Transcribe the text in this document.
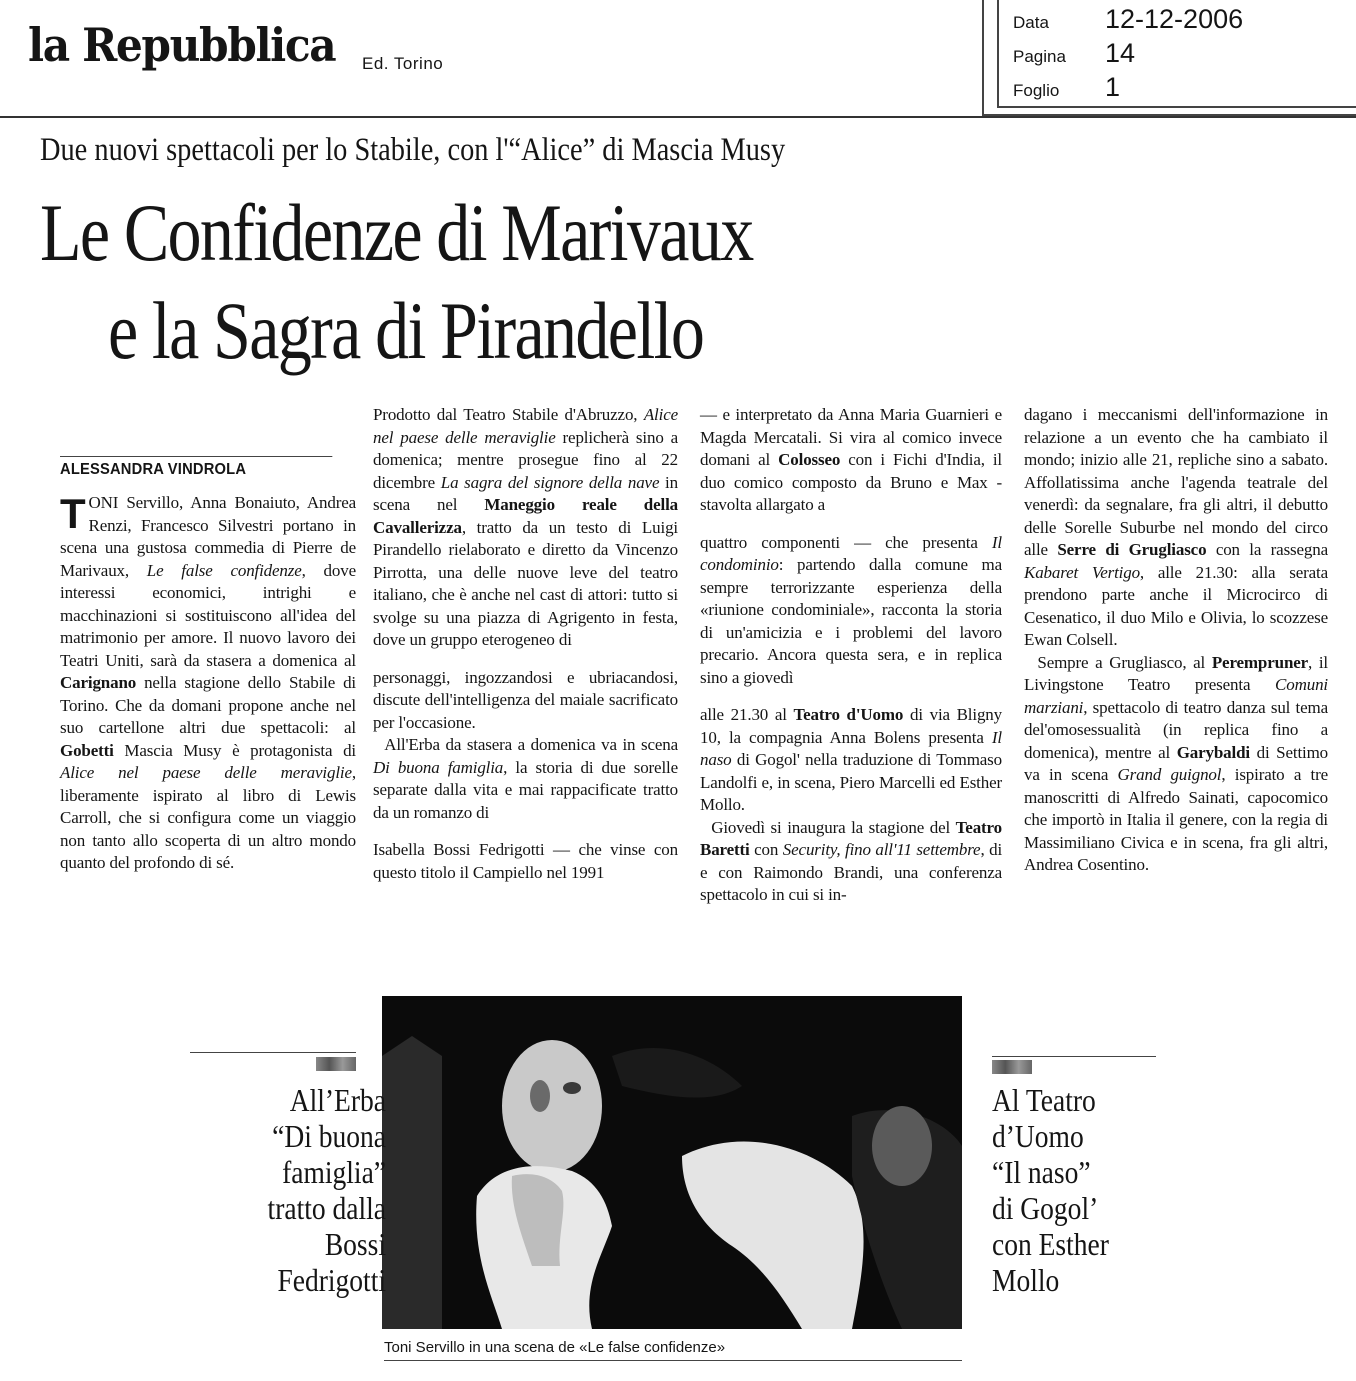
la Repubblica Ed. Torino
Data 12-12-2006
Pagina 14
Foglio 1
Due nuovi spettacoli per lo Stabile, con l'“Alice” di Mascia Musy
Le Confidenze di Marivaux
e la Sagra di Pirandello
ALESSANDRA VINDROLA

TONI Servillo, Anna Bonaiuto, Andrea Renzi, Francesco Silvestri portano in scena una gustosa commedia di Pierre de Marivaux, Le false confidenze, dove interessi economici, intrighi e macchinazioni si sostituiscono all'idea del matrimonio per amore. Il nuovo lavoro dei Teatri Uniti, sarà da stasera a domenica al Carignano nella stagione dello Stabile di Torino. Che da domani propone anche nel suo cartellone altri due spettacoli: al Gobetti Mascia Musy è protagonista di Alice nel paese delle meraviglie, liberamente ispirato al libro di Lewis Carroll, che si configura come un viaggio non tanto allo scoperta di un altro mondo quanto del profondo di sé.

Prodotto dal Teatro Stabile d'Abruzzo, Alice nel paese delle meraviglie replicherà sino a domenica; mentre prosegue fino al 22 dicembre La sagra del signore della nave in scena nel Maneggio reale della Cavallerizza, tratto da un testo di Luigi Pirandello rielaborato e diretto da Vincenzo Pirrotta, una delle nuove leve del teatro italiano, che è anche nel cast di attori: tutto si svolge su una piazza di Agrigento in festa, dove un gruppo eterogeneo di

personaggi, ingozzandosi e ubriacandosi, discute dell'intelligenza del maiale sacrificato per l'occasione.

All'Erba da stasera a domenica va in scena Di buona famiglia, la storia di due sorelle separate dalla vita e mai rappacificate tratto da un romanzo di

Isabella Bossi Fedrigotti — che vinse con questo titolo il Campiello nel 1991

— e interpretato da Anna Maria Guarnieri e Magda Mercatali. Si vira al comico invece domani al Colosseo con i Fichi d'India, il duo comico composto da Bruno e Max - stavolta allargato a

quattro componenti — che presenta Il condominio: partendo dalla comune ma sempre terrorizzante esperienza della «riunione condominiale», racconta la storia di un'amicizia e i problemi del lavoro precario. Ancora questa sera, e in replica sino a giovedì

alle 21.30 al Teatro d'Uomo di via Bligny 10, la compagnia Anna Bolens presenta Il naso di Gogol' nella traduzione di Tommaso Landolfi e, in scena, Piero Marcelli ed Esther Mollo.

Giovedì si inaugura la stagione del Teatro Baretti con Security, fino all'11 settembre, di e con Raimondo Brandi, una conferenza spettacolo in cui si in-

dagano i meccanismi dell'informazione in relazione a un evento che ha cambiato il mondo; inizio alle 21, repliche sino a sabato. Affollatissima anche l'agenda teatrale del venerdì: da segnalare, fra gli altri, il debutto delle Sorelle Suburbe nel mondo del circo alle Serre di Grugliasco con la rassegna Kabaret Vertigo, alle 21.30: alla serata prendono parte anche il Microcirco di Cesenatico, il duo Milo e Olivia, lo scozzese Ewan Colsell.

Sempre a Grugliasco, al Perempruner, il Livingstone Teatro presenta Comuni marziani, spettacolo di teatro danza sul tema del'omosessualità (in replica fino a domenica), mentre al Garybaldi di Settimo va in scena Grand guignol, ispirato a tre manoscritti di Alfredo Sainati, capocomico che importò in Italia il genere, con la regia di Massimiliano Civica e in scena, fra gli altri, Andrea Cosentino.

Toni Servillo in una scena de «Le false confidenze»
All’Erba
“Di buona
famiglia”
tratto dalla
Bossi
Fedrigotti
Al Teatro
d’Uomo
“Il naso”
di Gogol’
con Esther
Mollo
